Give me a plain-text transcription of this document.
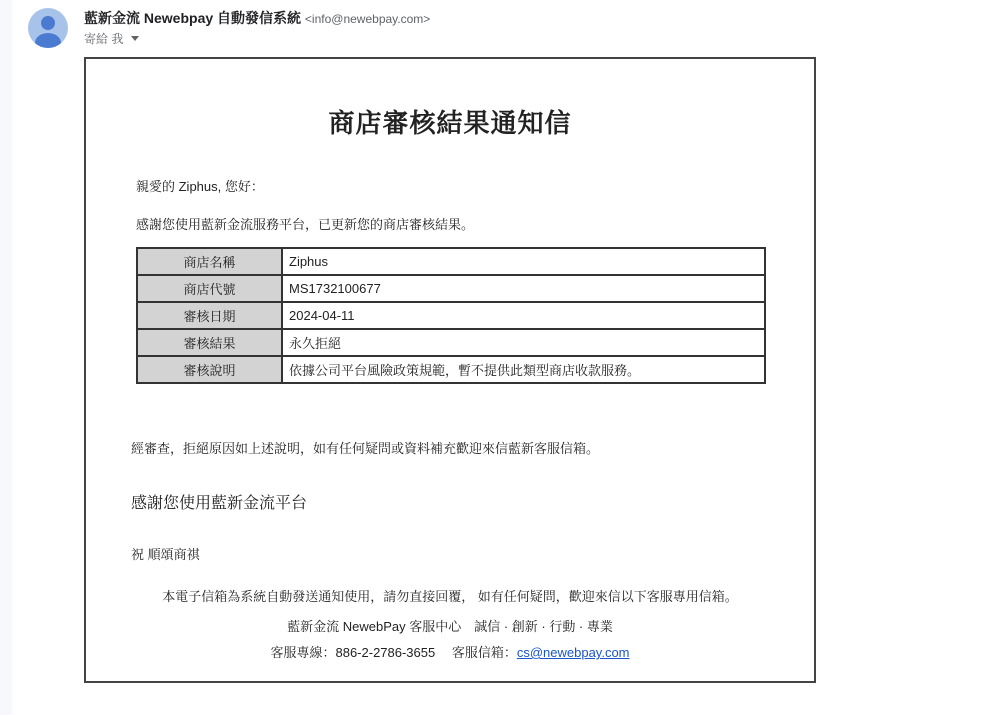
藍新金流 Newebpay 自動發信系統 <info@newebpay.com>
寄給 我
商店審核結果通知信
親愛的 Ziphus, 您好：
感謝您使用藍新金流服務平台，已更新您的商店審核結果。
商店名稱	Ziphus
商店代號	MS1732100677
審核日期	2024-04-11
審核結果	永久拒絕
審核說明	依據公司平台風險政策規範，暫不提供此類型商店收款服務。
經審查，拒絕原因如上述說明，如有任何疑問或資料補充歡迎來信藍新客服信箱。
感謝您使用藍新金流平台
祝 順頌商祺
本電子信箱為系統自動發送通知使用，請勿直接回覆， 如有任何疑問，歡迎來信以下客服專用信箱。
藍新金流 NewebPay 客服中心　誠信 · 創新 · 行動 · 專業
客服專線：886-2-2786-3655　 客服信箱：cs@newebpay.com
